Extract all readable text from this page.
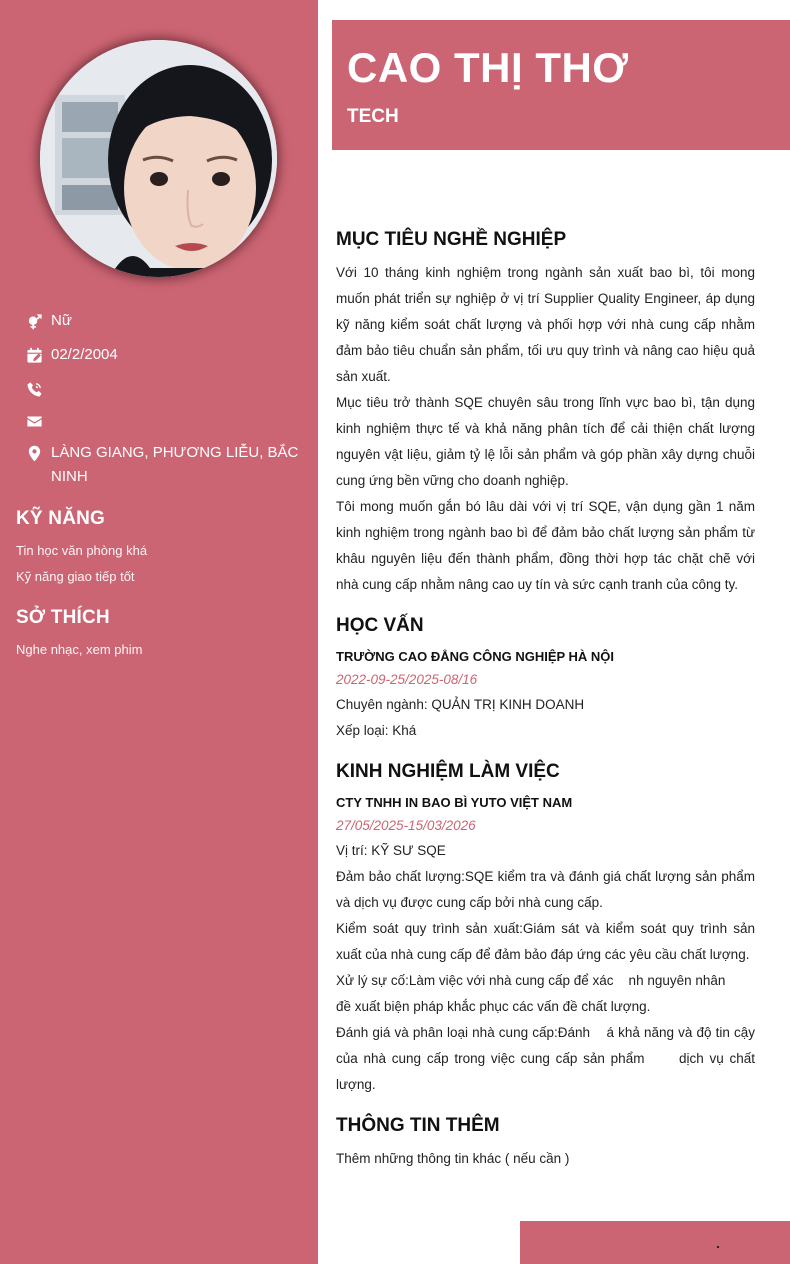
Nữ
02/2/2004
LÀNG GIANG, PHƯƠNG LIỄU, BẮC NINH
KỸ NĂNG
Tin học văn phòng khá
Kỹ năng giao tiếp tốt
SỞ THÍCH
Nghe nhạc, xem phim
CAO THỊ THƠ
TECH
MỤC TIÊU NGHỀ NGHIỆP
Với 10 tháng kinh nghiệm trong ngành sản xuất bao bì, tôi mong muốn phát triển sự nghiệp ở vị trí Supplier Quality Engineer, áp dụng kỹ năng kiểm soát chất lượng và phối hợp với nhà cung cấp nhằm đảm bảo tiêu chuẩn sản phẩm, tối ưu quy trình và nâng cao hiệu quả sản xuất.
Mục tiêu trở thành SQE chuyên sâu trong lĩnh vực bao bì, tận dụng kinh nghiệm thực tế và khả năng phân tích để cải thiện chất lượng nguyên vật liệu, giảm tỷ lệ lỗi sản phẩm và góp phần xây dựng chuỗi cung ứng bền vững cho doanh nghiệp.
Tôi mong muốn gắn bó lâu dài với vị trí SQE, vận dụng gần 1 năm kinh nghiệm trong ngành bao bì để đảm bảo chất lượng sản phẩm từ khâu nguyên liệu đến thành phẩm, đồng thời hợp tác chặt chẽ với nhà cung cấp nhằm nâng cao uy tín và sức cạnh tranh của công ty.
HỌC VẤN
TRƯỜNG CAO ĐẲNG CÔNG NGHIỆP HÀ NỘI
2022-09-25/2025-08/16
Chuyên ngành: QUẢN TRỊ KINH DOANH
Xếp loại: Khá
KINH NGHIỆM LÀM VIỆC
CTY TNHH IN BAO BÌ YUTO VIỆT NAM
27/05/2025-15/03/2026
Vị trí: KỸ SƯ SQE
Đảm bảo chất lượng:SQE kiểm tra và đánh giá chất lượng sản phẩm và dịch vụ được cung cấp bởi nhà cung cấp.
Kiểm soát quy trình sản xuất:Giám sát và kiểm soát quy trình sản xuất của nhà cung cấp để đảm bảo đáp ứng các yêu cầu chất lượng.
Xử lý sự cố:Làm việc với nhà cung cấp để xác    nh nguyên nhân     đề xuất biện pháp khắc phục các vấn đề chất lượng.
Đánh giá và phân loại nhà cung cấp:Đánh    á khả năng và độ tin cậy của nhà cung cấp trong việc cung cấp sản phẩm      dịch vụ chất lượng.
THÔNG TIN THÊM
Thêm những thông tin khác ( nếu cần )
